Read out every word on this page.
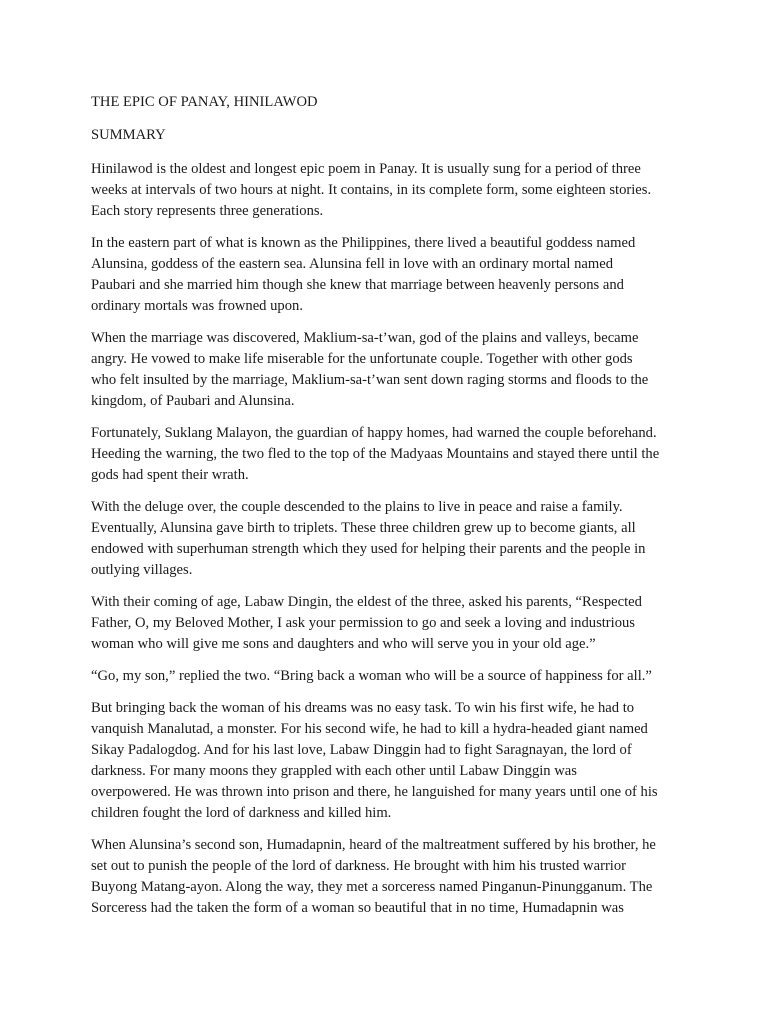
THE EPIC OF PANAY, HINILAWOD
SUMMARY
Hinilawod is the oldest and longest epic poem in Panay. It is usually sung for a period of three
weeks at intervals of two hours at night. It contains, in its complete form, some eighteen stories.
Each story represents three generations.
In the eastern part of what is known as the Philippines, there lived a beautiful goddess named
Alunsina, goddess of the eastern sea. Alunsina fell in love with an ordinary mortal named
Paubari and she married him though she knew that marriage between heavenly persons and
ordinary mortals was frowned upon.
When the marriage was discovered, Maklium-sa-t’wan, god of the plains and valleys, became
angry. He vowed to make life miserable for the unfortunate couple. Together with other gods
who felt insulted by the marriage, Maklium-sa-t’wan sent down raging storms and floods to the
kingdom, of Paubari and Alunsina.
Fortunately, Suklang Malayon, the guardian of happy homes, had warned the couple beforehand.
Heeding the warning, the two fled to the top of the Madyaas Mountains and stayed there until the
gods had spent their wrath.
With the deluge over, the couple descended to the plains to live in peace and raise a family.
Eventually, Alunsina gave birth to triplets. These three children grew up to become giants, all
endowed with superhuman strength which they used for helping their parents and the people in
outlying villages.
With their coming of age, Labaw Dingin, the eldest of the three, asked his parents, “Respected
Father, O, my Beloved Mother, I ask your permission to go and seek a loving and industrious
woman who will give me sons and daughters and who will serve you in your old age.”
“Go, my son,” replied the two. “Bring back a woman who will be a source of happiness for all.”
But bringing back the woman of his dreams was no easy task. To win his first wife, he had to
vanquish Manalutad, a monster. For his second wife, he had to kill a hydra-headed giant named
Sikay Padalogdog. And for his last love, Labaw Dinggin had to fight Saragnayan, the lord of
darkness. For many moons they grappled with each other until Labaw Dinggin was
overpowered. He was thrown into prison and there, he languished for many years until one of his
children fought the lord of darkness and killed him.
When Alunsina’s second son, Humadapnin, heard of the maltreatment suffered by his brother, he
set out to punish the people of the lord of darkness. He brought with him his trusted warrior
Buyong Matang-ayon. Along the way, they met a sorceress named Pinganun-Pinungganum. The
Sorceress had the taken the form of a woman so beautiful that in no time, Humadapnin was
